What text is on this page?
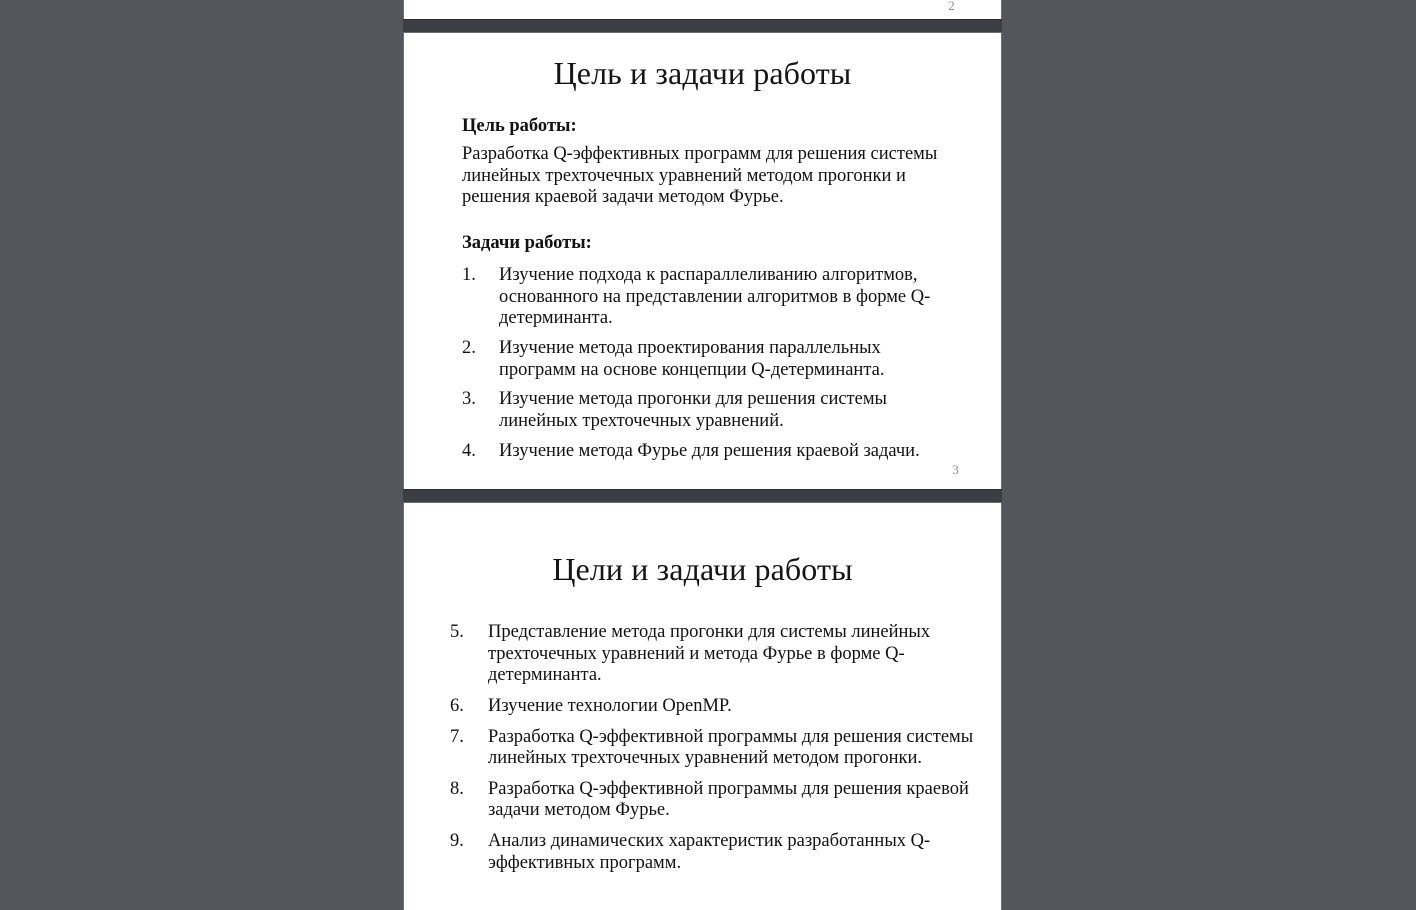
2
Цель и задачи работы

Цель работы:

Разработка Q-эффективных программ для решения системы линейных трехточечных уравнений методом прогонки и решения краевой задачи методом Фурье.

Задачи работы:

1.	Изучение подхода к распараллеливанию алгоритмов, основанного на представлении алгоритмов в форме Q-детерминанта.
2.	Изучение метода проектирования параллельных программ на основе концепции Q-детерминанта.
3.	Изучение метода прогонки для решения системы линейных трехточечных уравнений.
4.	Изучение метода Фурье для решения краевой задачи.
3
Цели и задачи работы
5.	Представление метода прогонки для системы линейных трехточечных уравнений и метода Фурье в форме Q-детерминанта.
6.	Изучение технологии OpenMP.
7.	Разработка Q-эффективной программы для решения системы линейных трехточечных уравнений методом прогонки.
8.	Разработка Q-эффективной программы для решения краевой задачи методом Фурье.
9.	Анализ динамических характеристик разработанных Q-эффективных программ.
